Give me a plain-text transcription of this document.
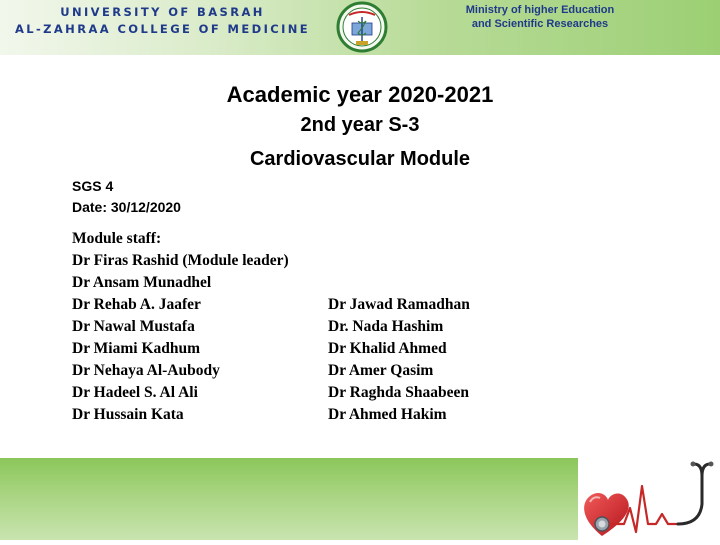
UNIVERSITY OF BASRAH
AL-ZAHRAA COLLEGE OF MEDICINE
Ministry of higher Education
and Scientific Researches
Academic year 2020-2021
2nd year S-3
Cardiovascular Module
SGS 4
Date: 30/12/2020
Module staff:
Dr Firas Rashid (Module leader)
Dr Ansam Munadhel
Dr Rehab A. Jaafer
Dr Nawal Mustafa
Dr Miami Kadhum
Dr Nehaya Al-Aubody
Dr Hadeel S. Al Ali
Dr Hussain Kata
Dr Jawad Ramadhan
Dr. Nada Hashim
Dr Khalid Ahmed
Dr Amer Qasim
Dr Raghda Shaabeen
Dr Ahmed Hakim
